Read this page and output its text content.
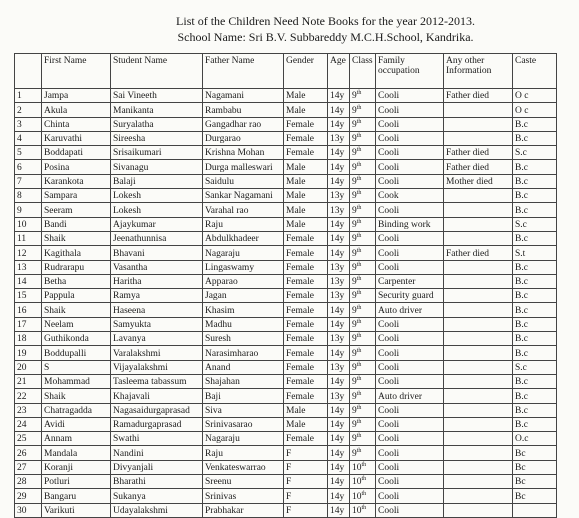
List of the Children Need Note Books for the year 2012-2013.
School Name: Sri B.V. Subbareddy M.C.H.School, Kandrika.
	First Name	Student Name	Father Name	Gender	Age	Class	Family occupation	Any other Information	Caste
1	Jampa	Sai Vineeth	Nagamani	Male	14y	9th	Cooli	Father died	O c
2	Akula	Manikanta	Rambabu	Male	14y	9th	Cooli		O c
3	Chinta	Suryalatha	Gangadhar rao	Female	14y	9th	Cooli		B.c
4	Karuvathi	Sireesha	Durgarao	Female	13y	9th	Cooli		B.c
5	Boddapati	Srisaikumari	Krishna Mohan	Female	14y	9th	Cooli	Father died	S.c
6	Posina	Sivanagu	Durga malleswari	Male	14y	9th	Cooli	Father died	B.c
7	Karankota	Balaji	Saidulu	Male	14y	9th	Cooli	Mother died	B.c
8	Sampara	Lokesh	Sankar Nagamani	Male	13y	9th	Cook		B.c
9	Seeram	Lokesh	Varahal rao	Male	13y	9th	Cooli		B.c
10	Bandi	Ajaykumar	Raju	Male	14y	9th	Binding work		S.c
11	Shaik	Jeenathunnisa	Abdulkhadeer	Female	14y	9th	Cooli		B.c
12	Kagithala	Bhavani	Nagaraju	Female	14y	9th	Cooli	Father died	S.t
13	Rudrarapu	Vasantha	Lingaswamy	Female	13y	9th	Cooli		B.c
14	Betha	Haritha	Apparao	Female	13y	9th	Carpenter		B.c
15	Pappula	Ramya	Jagan	Female	13y	9th	Security guard		B.c
16	Shaik	Haseena	Khasim	Female	14y	9th	Auto driver		B.c
17	Neelam	Samyukta	Madhu	Female	14y	9th	Cooli		B.c
18	Guthikonda	Lavanya	Suresh	Female	13y	9th	Cooli		B.c
19	Boddupalli	Varalakshmi	Narasimharao	Female	14y	9th	Cooli		B.c
20	S	Vijayalakshmi	Anand	Female	13y	9th	Cooli		S.c
21	Mohammad	Tasleema tabassum	Shajahan	Female	14y	9th	Cooli		B.c
22	Shaik	Khajavali	Baji	Female	13y	9th	Auto driver		B.c
23	Chatragadda	Nagasaidurgaprasad	Siva	Male	14y	9th	Cooli		B.c
24	Avidi	Ramadurgaprasad	Srinivasarao	Male	14y	9th	Cooli		B.c
25	Annam	Swathi	Nagaraju	Female	14y	9th	Cooli		O.c
26	Mandala	Nandini	Raju	F	14y	9th	Cooli		Bc
27	Koranji	Divyanjali	Venkateswarrao	F	14y	10th	Cooli		Bc
28	Potluri	Bharathi	Sreenu	F	14y	10th	Cooli		Bc
29	Bangaru	Sukanya	Srinivas	F	14y	10th	Cooli		Bc
30	Varikuti	Udayalakshmi	Prabhakar	F	14y	10th	Cooli		
